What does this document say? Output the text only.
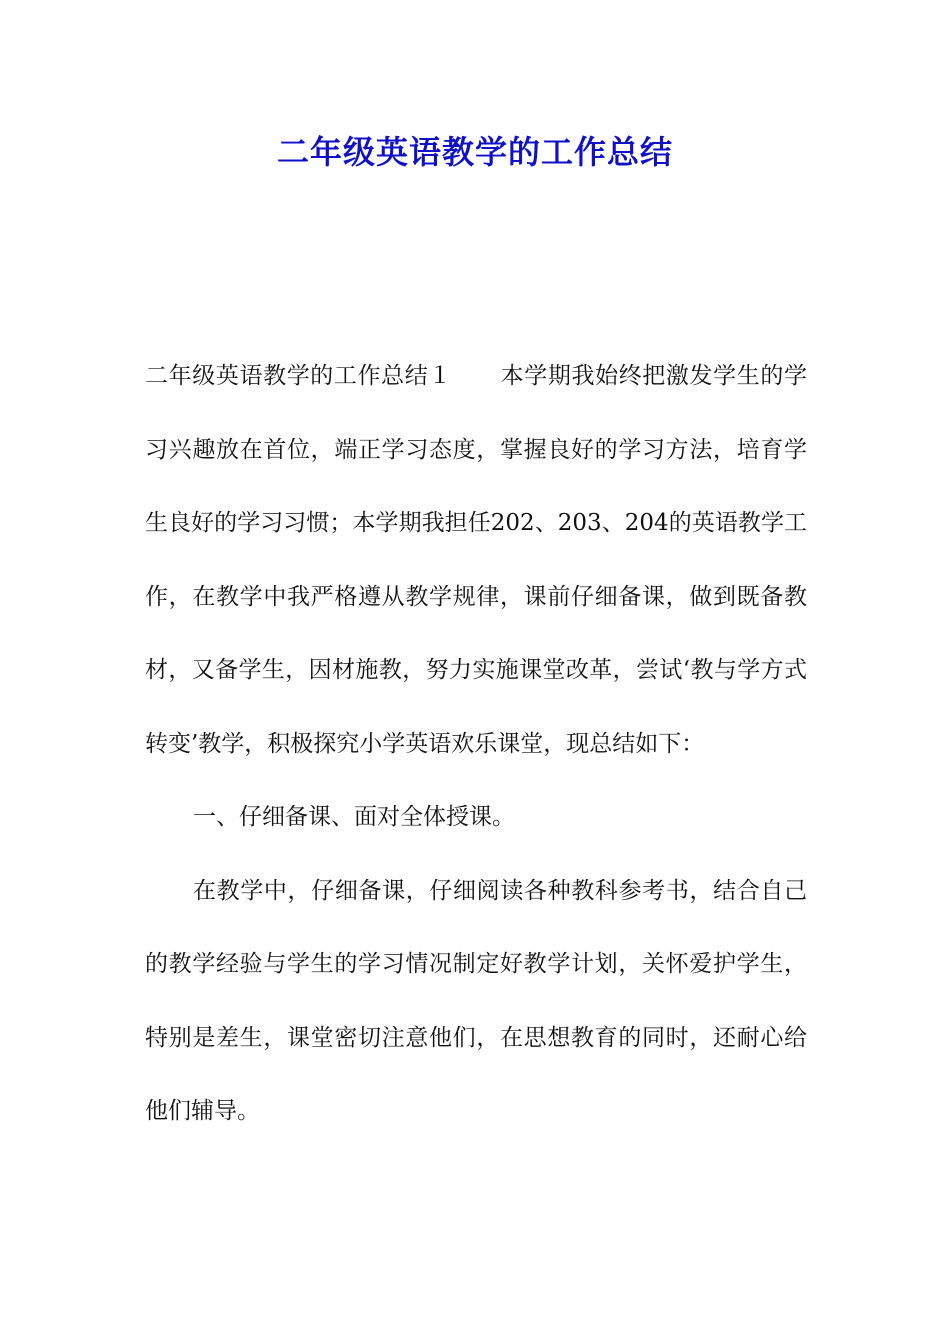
二年级英语教学的工作总结

二年级英语教学的工作总结１ 本学期我始终把激发学生的学习兴趣放在首位，端正学习态度，掌握良好的学习方法，培育学生良好的学习习惯；本学期我担任202、203、204的英语教学工作，在教学中我严格遵从教学规律，课前仔细备课，做到既备教材，又备学生，因材施教，努力实施课堂改革，尝试‘教与学方式转变’教学，积极探究小学英语欢乐课堂，现总结如下：

一、仔细备课、面对全体授课。

在教学中，仔细备课，仔细阅读各种教科参考书，结合自己的教学经验与学生的学习情况制定好教学计划，关怀爱护学生，特别是差生，课堂密切注意他们，在思想教育的同时，还耐心给他们辅导。
